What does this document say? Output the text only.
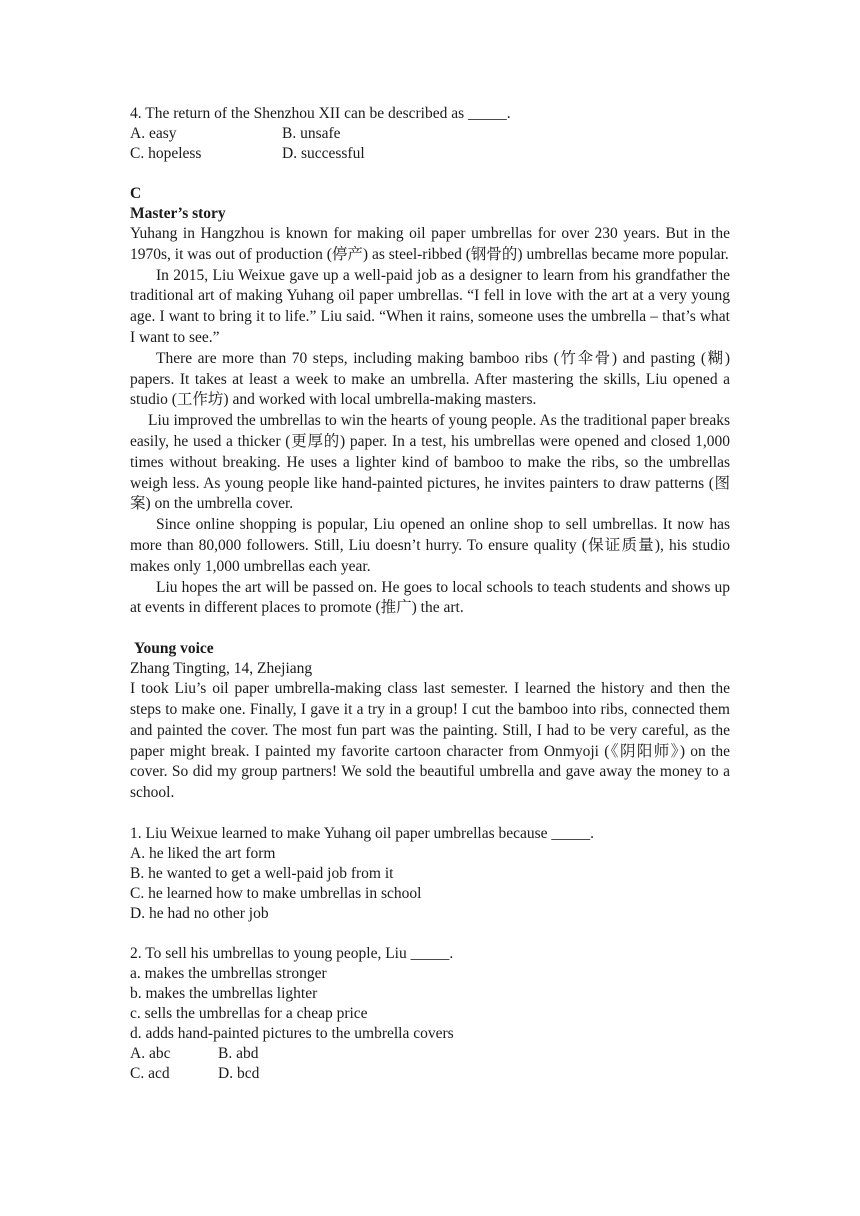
4. The return of the Shenzhou XII can be described as _____.
A. easy	B. unsafe
C. hopeless	D. successful
C
Master’s story

Yuhang in Hangzhou is known for making oil paper umbrellas for over 230 years. But in the 1970s, it was out of production (停产) as steel-ribbed (钢骨的) umbrellas became more popular.

In 2015, Liu Weixue gave up a well-paid job as a designer to learn from his grandfather the traditional art of making Yuhang oil paper umbrellas. “I fell in love with the art at a very young age. I want to bring it to life.” Liu said. “When it rains, someone uses the umbrella – that’s what I want to see.”

There are more than 70 steps, including making bamboo ribs (竹伞骨) and pasting (糊) papers. It takes at least a week to make an umbrella. After mastering the skills, Liu opened a studio (工作坊) and worked with local umbrella-making masters.

Liu improved the umbrellas to win the hearts of young people. As the traditional paper breaks easily, he used a thicker (更厚的) paper. In a test, his umbrellas were opened and closed 1,000 times without breaking. He uses a lighter kind of bamboo to make the ribs, so the umbrellas weigh less. As young people like hand-painted pictures, he invites painters to draw patterns (图案) on the umbrella cover.

Since online shopping is popular, Liu opened an online shop to sell umbrellas. It now has more than 80,000 followers. Still, Liu doesn’t hurry. To ensure quality (保证质量), his studio makes only 1,000 umbrellas each year.

Liu hopes the art will be passed on. He goes to local schools to teach students and shows up at events in different places to promote (推广) the art.

Young voice
Zhang Tingting, 14, Zhejiang

I took Liu’s oil paper umbrella-making class last semester. I learned the history and then the steps to make one. Finally, I gave it a try in a group! I cut the bamboo into ribs, connected them and painted the cover. The most fun part was the painting. Still, I had to be very careful, as the paper might break. I painted my favorite cartoon character from Onmyoji (《阴阳师》) on the cover. So did my group partners! We sold the beautiful umbrella and gave away the money to a school.

1. Liu Weixue learned to make Yuhang oil paper umbrellas because _____.
A. he liked the art form
B. he wanted to get a well-paid job from it
C. he learned how to make umbrellas in school
D. he had no other job
2. To sell his umbrellas to young people, Liu _____.
a. makes the umbrellas stronger
b. makes the umbrellas lighter
c. sells the umbrellas for a cheap price
d. adds hand-painted pictures to the umbrella covers
A. abc	B. abd
C. acd	D. bcd
